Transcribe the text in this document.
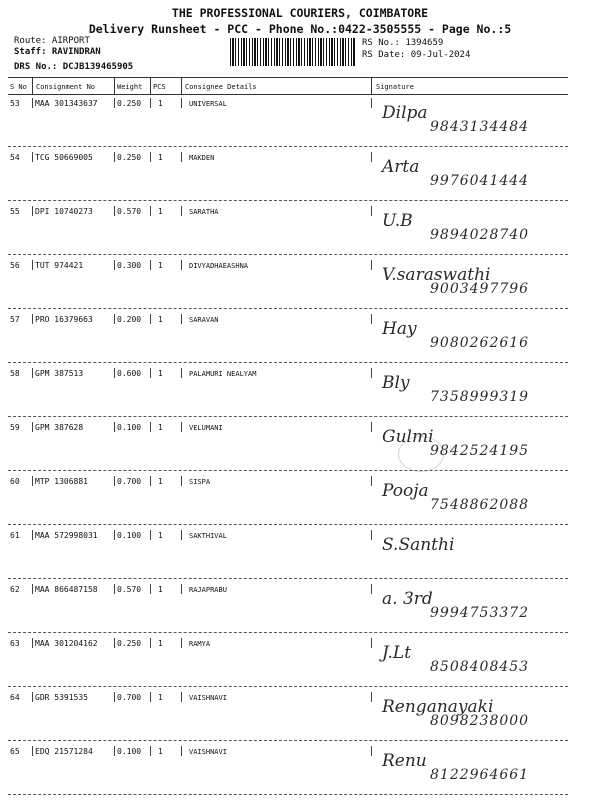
THE PROFESSIONAL COURIERS, COIMBATORE
Delivery Runsheet - PCC - Phone No.:0422-3505555 - Page No.:5
Route: AIRPORT
Staff: RAVINDRAN
DRS No.: DCJB139465905
RS No.: 1394659
RS Date: 09-Jul-2024
S No Consignment No	Weight PCS	Consignee Details	Signature
53 MAA 301343637 0.250 1	UNIVERSAL	Dilpa
9843134484
54 TCG 50669005	0.250 1	MAKDEN	Arta
9976041444
55 DPI 10740273	0.570 1	SARATHA	U.B
9894028740
56 TUT 974421	0.300 1	DIVYADHAEASHNA	V.saraswathi
9003497796
57 PRO 16379663	0.200 1	SARAVAN	Hay
9080262616
58 GPM 387513	0.600 1	PALAMURI NEALYAM	Bly
7358999319
59 GPM 387628	0.100 1	VELUMANI	Gulmi
9842524195
60 MTP 1306881	0.700 1	SISPA	Pooja
7548862088
61 MAA 572998031 0.100 1	SAKTHIVAL	S.Santhi
62 MAA 866487158 0.570 1	RAJAPRABU	a. 3rd
9994753372
63 MAA 301204162 0.250 1	RAMYA	J.Lt
8508408453
64 GDR 5391535	0.700 1	VAISHNAVI	Renganayaki
8098238000
65 EDQ 21571284	0.100 1	VAISHNAVI	Renu
8122964661
